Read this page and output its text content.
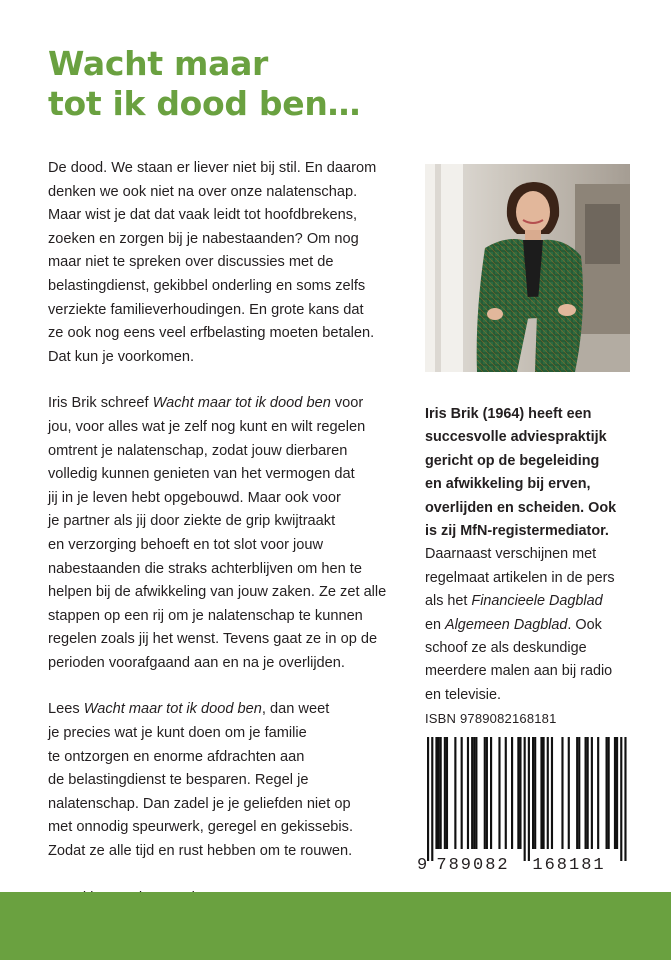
Wacht maar
tot ik dood ben…
De dood. We staan er liever niet bij stil. En daarom
denken we ook niet na over onze nalatenschap.
Maar wist je dat dat vaak leidt tot hoofdbrekens,
zoeken en zorgen bij je nabestaanden? Om nog
maar niet te spreken over discussies met de
belastingdienst, gekibbel onderling en soms zelfs
verziekte familieverhoudingen. En grote kans dat
ze ook nog eens veel erfbelasting moeten betalen.
Dat kun je voorkomen.
Iris Brik schreef Wacht maar tot ik dood ben voor
jou, voor alles wat je zelf nog kunt en wilt regelen
omtrent je nalatenschap, zodat jouw dierbaren
volledig kunnen genieten van het vermogen dat
jij in je leven hebt opgebouwd. Maar ook voor
je partner als jij door ziekte de grip kwijtraakt
en verzorging behoeft en tot slot voor jouw
nabestaanden die straks achterblijven om hen te
helpen bij de afwikkeling van jouw zaken. Ze zet alle
stappen op een rij om je nalatenschap te kunnen
regelen zoals jij het wenst. Tevens gaat ze in op de
perioden voorafgaand aan en na je overlijden.
Lees Wacht maar tot ik dood ben, dan weet
je precies wat je kunt doen om je familie
te ontzorgen en enorme afdrachten aan
de belastingdienst te besparen. Regel je
nalatenschap. Dan zadel je je geliefden niet op
met onnodig speurwerk, geregel en gekissebis.
Zodat ze alle tijd en rust hebben om te rouwen.
Iris Brik (1964) heeft een
succesvolle adviespraktijk
gericht op de begeleiding
en afwikkeling bij erven,
overlijden en scheiden. Ook
is zij MfN-registermediator.
Daarnaast verschijnen met
regelmaat artikelen in de pers
als het Financieele Dagblad
en Algemeen Dagblad. Ook
schoof ze als deskundige
meerdere malen aan bij radio
en televisie.
ISBN 9789082168181
9 789082 168181
